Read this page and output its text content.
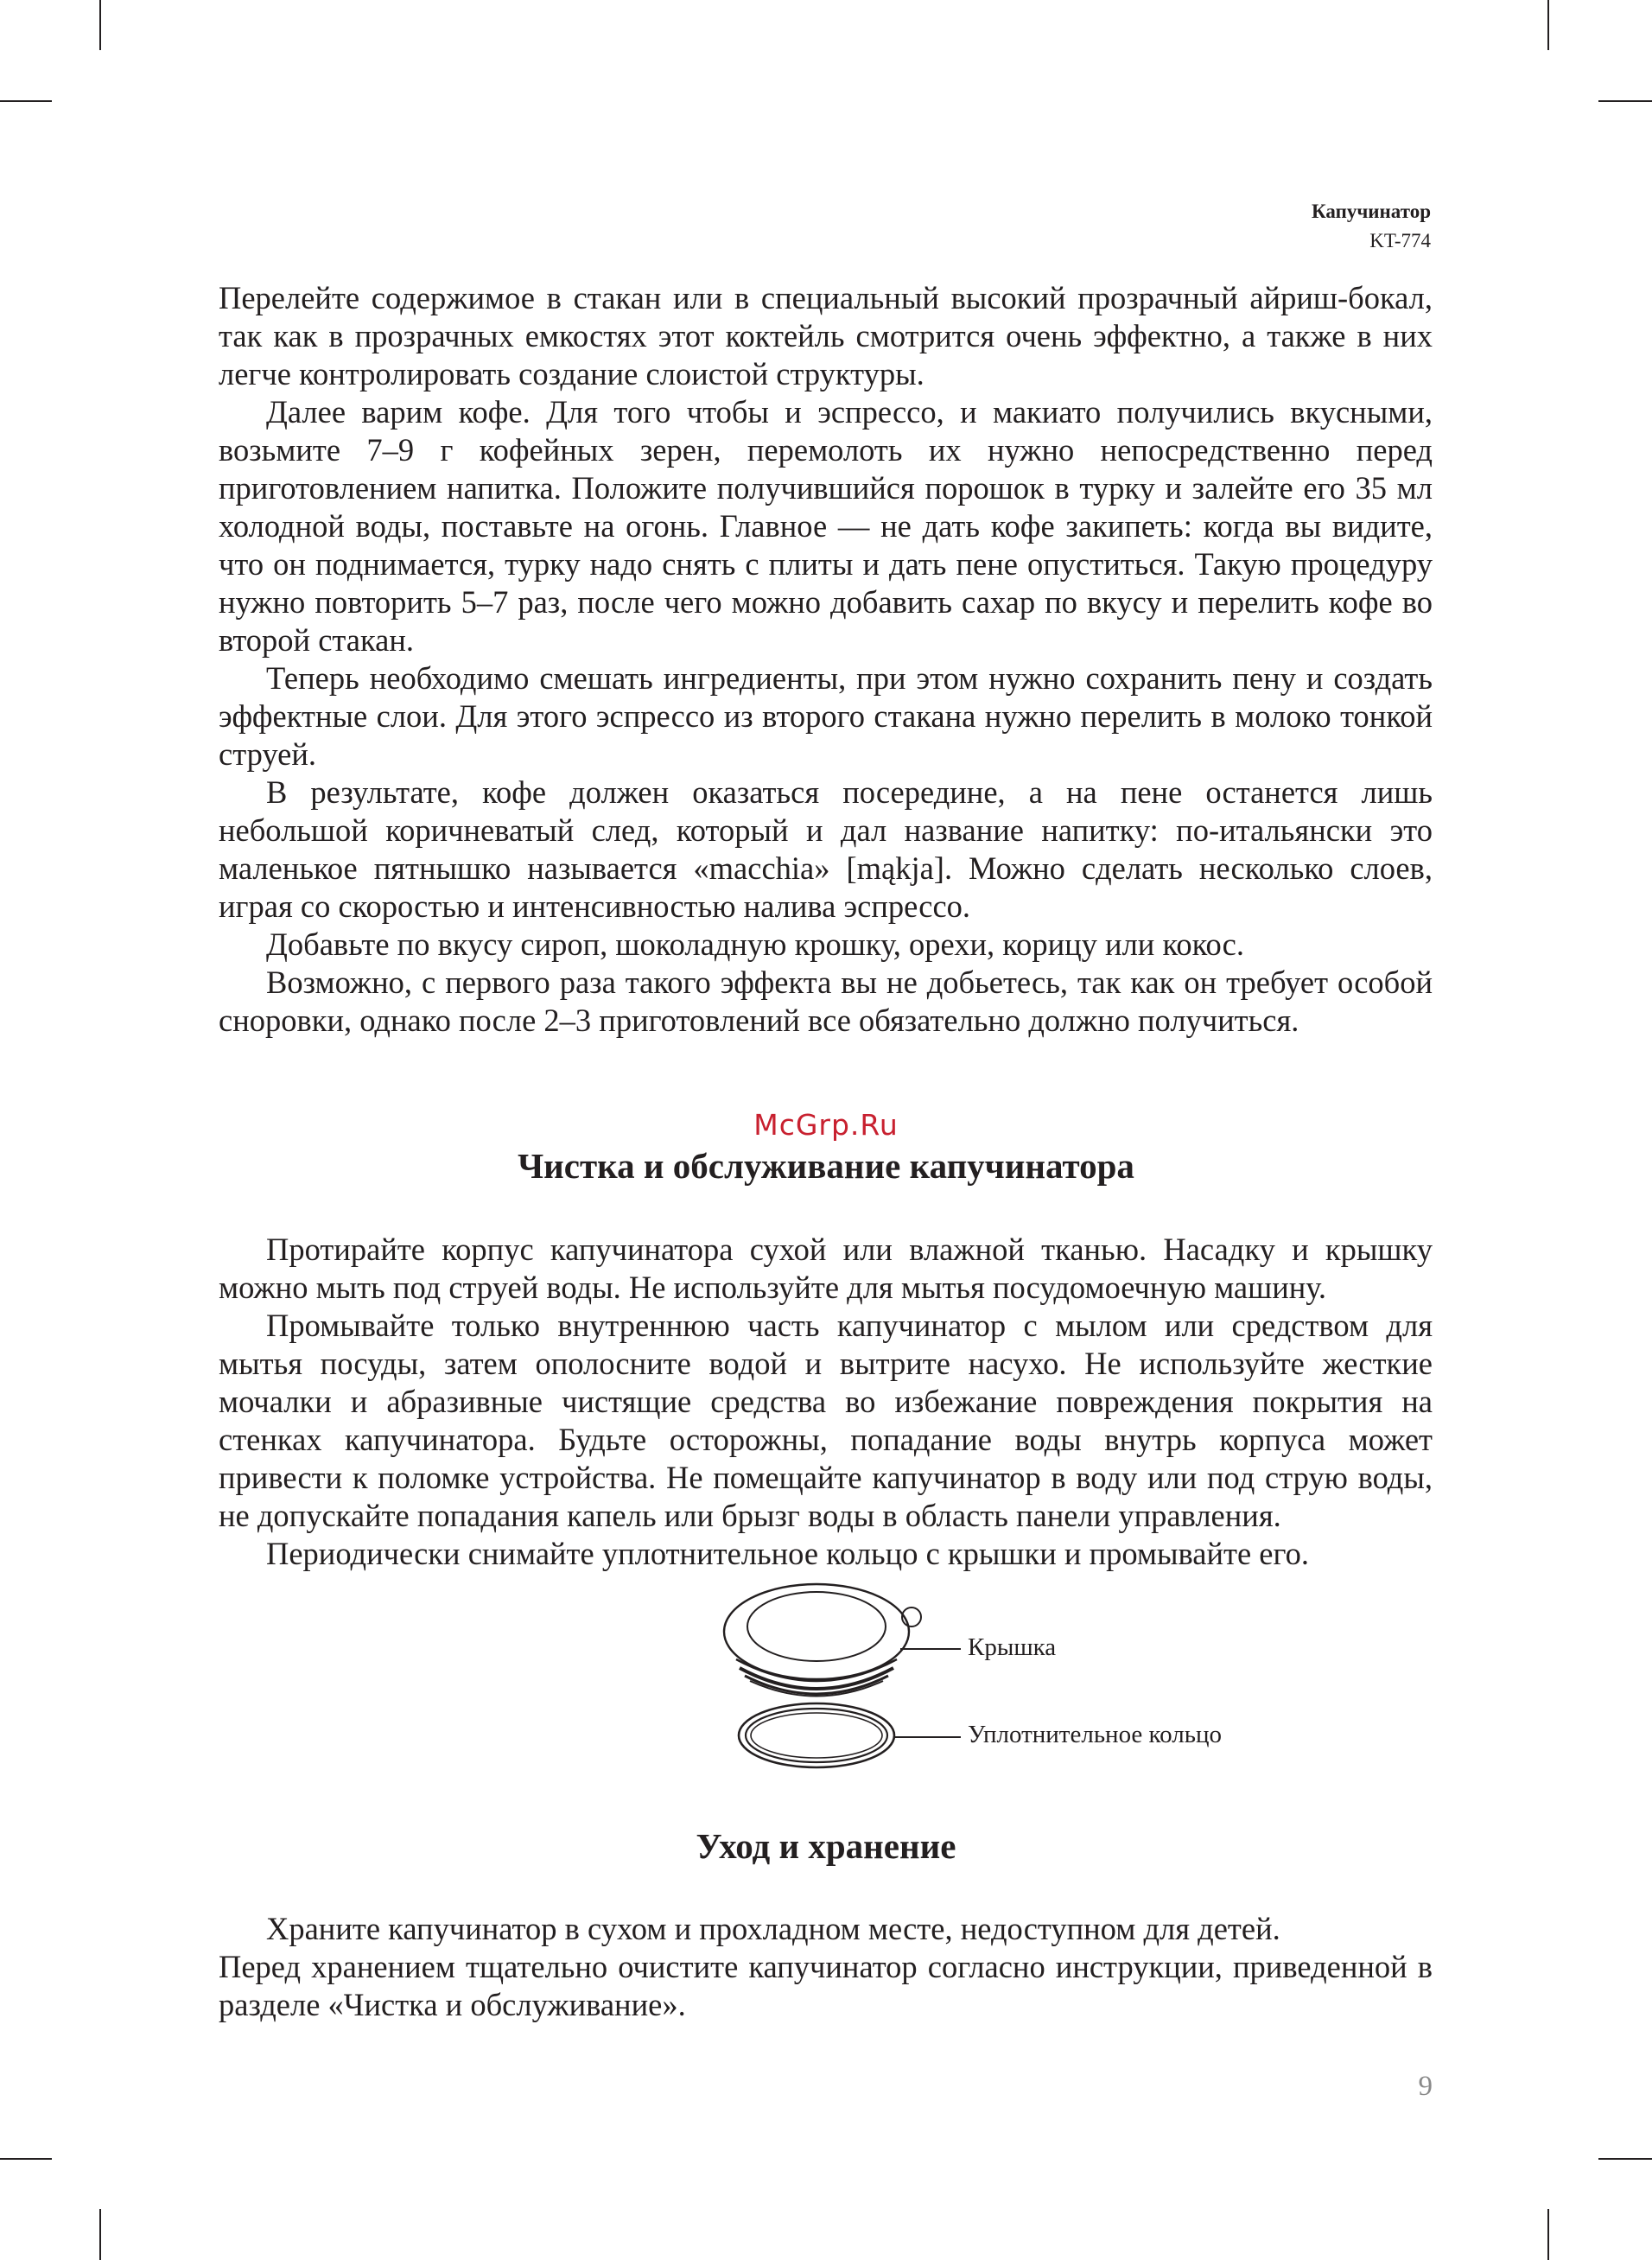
Капучинатор
KT-774

Перелейте содержимое в стакан или в специальный высокий прозрачный айриш-бокал, так как в прозрачных емкостях этот коктейль смотрится очень эффектно, а также в них легче контролировать создание слоистой структуры.

Далее варим кофе. Для того чтобы и эспрессо, и макиато получились вкусными, возьмите 7–9 г кофейных зерен, перемолоть их нужно непосредственно перед приготовлением напитка. Положите получившийся порошок в турку и залейте его 35 мл холодной воды, поставьте на огонь. Главное — не дать кофе закипеть: когда вы видите, что он поднимается, турку надо снять с плиты и дать пене опуститься. Такую процедуру нужно повторить 5–7 раз, после чего можно добавить сахар по вкусу и перелить кофе во второй стакан.

Теперь необходимо смешать ингредиенты, при этом нужно сохранить пену и создать эффектные слои. Для этого эспрессо из второго стакана нужно перелить в молоко тонкой струей.

В результате, кофе должен оказаться посередине, а на пене останется лишь небольшой коричневатый след, который и дал название напитку: по-итальянски это маленькое пятнышко называется «macchia» [mąkja]. Можно сделать несколько слоев, играя со скоростью и интенсивностью налива эспрессо.

Добавьте по вкусу сироп, шоколадную крошку, орехи, корицу или кокос.

Возможно, с первого раза такого эффекта вы не добьетесь, так как он требует особой сноровки, однако после 2–3 приготовлений все обязательно должно получиться.

McGrp.Ru
Чистка и обслуживание капучинатора

Протирайте корпус капучинатора сухой или влажной тканью. Насадку и крышку можно мыть под струей воды. Не используйте для мытья посудомоечную машину.

Промывайте только внутреннюю часть капучинатор с мылом или средством для мытья посуды, затем ополосните водой и вытрите насухо. Не используйте жесткие мочалки и абразивные чистящие средства во избежание повреждения покрытия на стенках капучинатора. Будьте осторожны, попадание воды внутрь корпуса может привести к поломке устройства. Не помещайте капучинатор в воду или под струю воды, не допускайте попадания капель или брызг воды в область панели управления.

Периодически снимайте уплотнительное кольцо с крышки и промывайте его.

Крышка
Уплотнительное кольцо
Уход и хранение

Храните капучинатор в сухом и прохладном месте, недоступном для детей.

Перед хранением тщательно очистите капучинатор согласно инструкции, приведенной в разделе «Чистка и обслуживание».

9
